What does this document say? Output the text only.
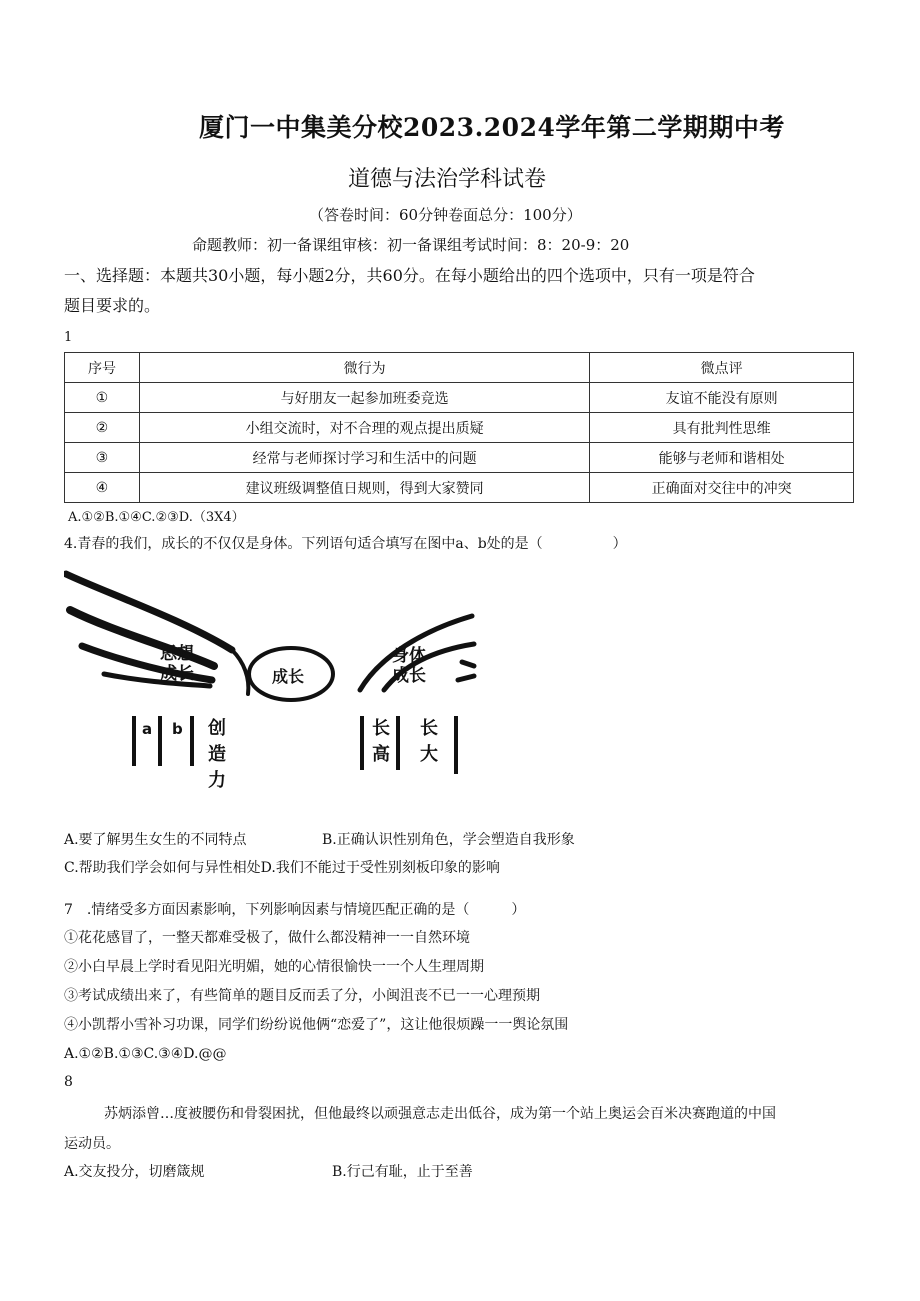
厦门一中集美分校2023.2024学年第二学期期中考
道德与法治学科试卷
（答卷时间：60分钟卷面总分：100分）
命题教师：初一备课组审核：初一备课组考试时间：8：20-9：20
一、选择题：本题共30小题，每小题2分，共60分。在每小题给出的四个选项中，只有一项是符合
题目要求的。
1
序号	微行为	微点评
①	与好朋友一起参加班委竞选	友谊不能没有原则
②	小组交流时，对不合理的观点提出质疑	具有批判性思维
③	经常与老师探讨学习和生活中的问题	能够与老师和谐相处
④	建议班级调整值日规则，得到大家赞同	正确面对交往中的冲突
A.①②B.①④C.②③D.（3X4）
4.青春的我们，成长的不仅仅是身体。下列语句适合填写在图中a、b处的是（　　　　　）
思想
成长	成长
身体
成长
a b 创
造
力
长
高
长
大
A.要了解男生女生的不同特点	B.正确认识性别角色，学会塑造自我形象
C.帮助我们学会如何与异性相处D.我们不能过于受性别刻板印象的影响
7　.情绪受多方面因素影响，下列影响因素与情境匹配正确的是（　　　）
①花花感冒了，一整天都难受极了，做什么都没精神一一自然环境
②小白早晨上学时看见阳光明媚，她的心情很愉快一一个人生理周期
③考试成绩出来了，有些简单的题目反而丢了分，小闽沮丧不已一一心理预期
④小凯帮小雪补习功课，同学们纷纷说他俩“恋爱了”，这让他很烦躁一一舆论氛围
A.①②B.①③C.③④D.@@
8
苏炳添曾…度被腰伤和骨裂困扰，但他最终以顽强意志走出低谷，成为第一个站上奥运会百米决赛跑道的中国
运动员。
A.交友投分，切磨箴规	B.行己有耻，止于至善
